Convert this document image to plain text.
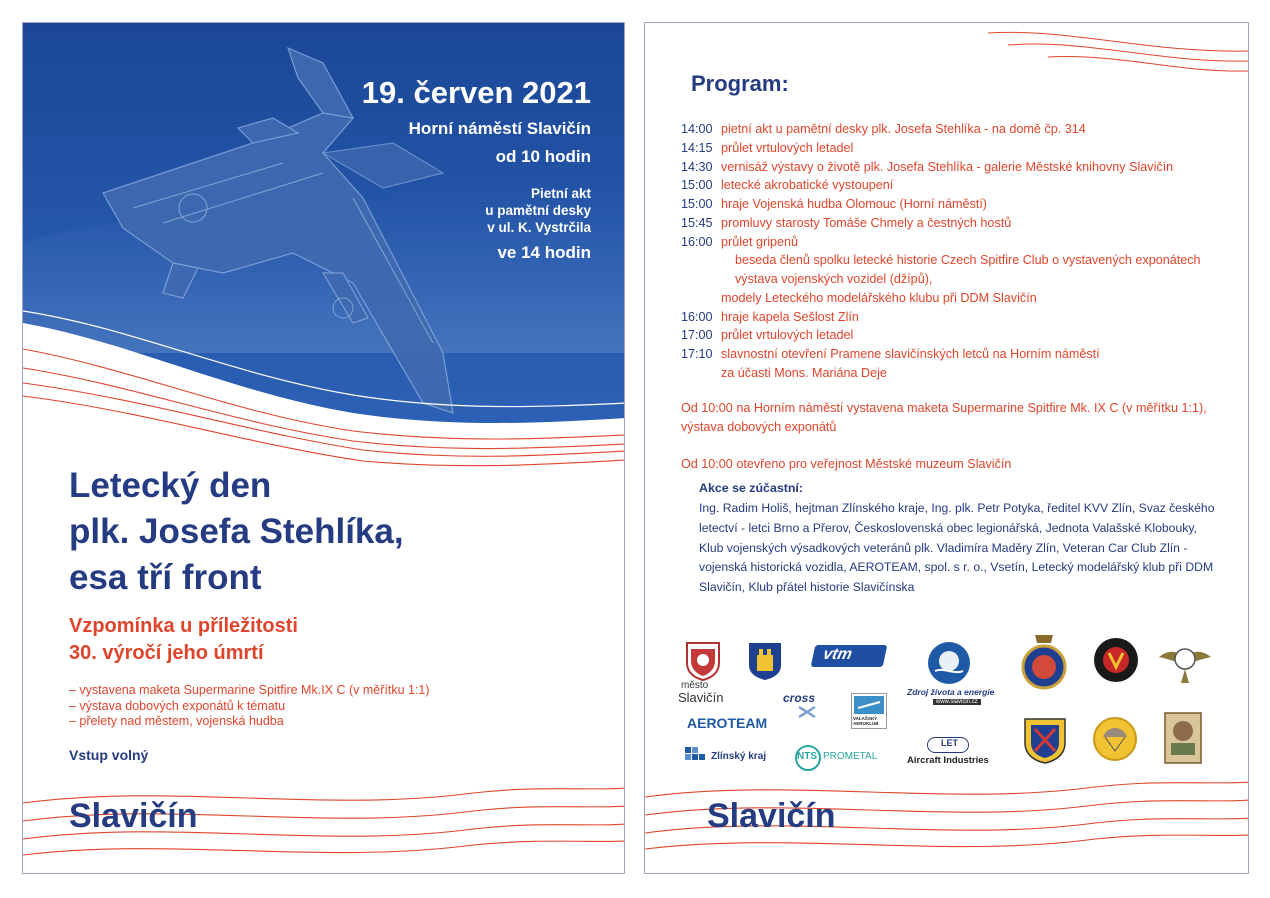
19. červen 2021
Horní náměstí Slavičín
od 10 hodin
Pietní akt
u pamětní desky
v ul. K. Vystrčila
ve 14 hodin
Letecký den
plk. Josefa Stehlíka,
esa tří front
Vzpomínka u příležitosti
30. výročí jeho úmrtí
– vystavena maketa Supermarine Spitfire Mk.IX C (v měřítku 1:1)
– výstava dobových exponátů k tématu
– přelety nad městem, vojenská hudba
Vstup volný
Slavičín
Program:
14:00 pietní akt u pamětní desky plk. Josefa Stehlíka - na domě čp. 314
14:15 průlet vrtulových letadel
14:30 vernisáž výstavy o životě plk. Josefa Stehlíka - galerie Městské knihovny Slavičín
15:00 letecké akrobatické vystoupení
15:00 hraje Vojenská hudba Olomouc (Horní náměstí)
15:45 promluvy starosty Tomáše Chmely a čestných hostů
16:00 průlet gripenů
beseda členů spolku letecké historie Czech Spitfire Club o vystavených exponátech
výstava vojenských vozidel (džípů),
modely Leteckého modelářského klubu při DDM Slavičín
16:00 hraje kapela Sešlost Zlín
17:00 průlet vrtulových letadel
17:10 slavnostní otevření Pramene slavičínských letců na Horním náměstí
za účasti Mons. Mariána Deje
Od 10:00 na Horním náměstí vystavena maketa Supermarine Spitfire Mk. IX C (v měřítku 1:1),
výstava dobových exponátů
Od 10:00 otevřeno pro veřejnost Městské muzeum Slavičín
Akce se zúčastní:
Ing. Radim Holiš, hejtman Zlínského kraje, Ing. plk. Petr Potyka, ředitel KVV Zlín, Svaz českého letectví - letci Brno a Přerov, Československá obec legionářská, Jednota Valašské Klobouky, Klub vojenských výsadkových veteránů plk. Vladimíra Maděry Zlín, Veteran Car Club Zlín - vojenská historická vozidla, AEROTEAM, spol. s r. o., Vsetín, Letecký modelářský klub při DDM Slavičín, Klub přátel historie Slavičínska
město
Slavičín
vtm
cross
VALAŠSKÝ AEROKLUB
Zdroj života a energie
www.slavicin.cz
AEROTEAM
Zlínský kraj	NTS PROMETAL
LET
Aircraft Industries
Slavičín
